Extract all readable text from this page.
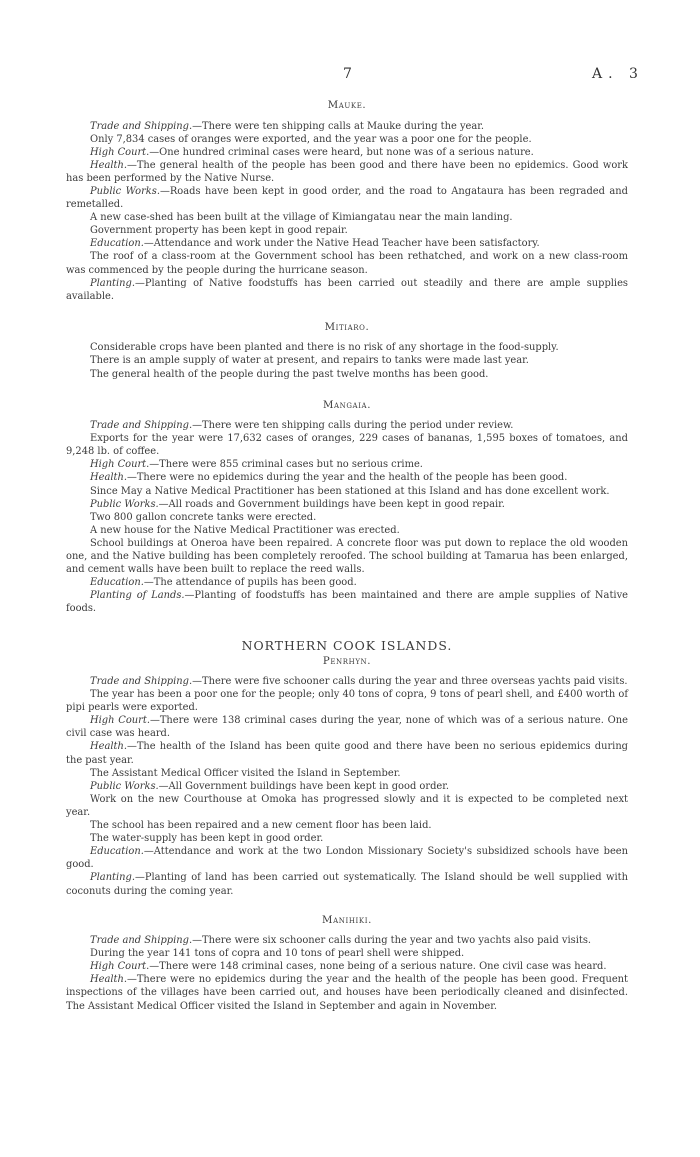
7	A. 3
Mauke.

Trade and Shipping.—There were ten shipping calls at Mauke during the year.

Only 7,834 cases of oranges were exported, and the year was a poor one for the people.

High Court.—One hundred criminal cases were heard, but none was of a serious nature.

Health.—The general health of the people has been good and there have been no epidemics. Good work has been performed by the Native Nurse.

Public Works.—Roads have been kept in good order, and the road to Angataura has been regraded and remetalled.

A new case-shed has been built at the village of Kimiangatau near the main landing.

Government property has been kept in good repair.

Education.—Attendance and work under the Native Head Teacher have been satisfactory.

The roof of a class-room at the Government school has been rethatched, and work on a new class-room was commenced by the people during the hurricane season.

Planting.—Planting of Native foodstuffs has been carried out steadily and there are ample supplies available.

Mitiaro.

Considerable crops have been planted and there is no risk of any shortage in the food-supply.

There is an ample supply of water at present, and repairs to tanks were made last year.

The general health of the people during the past twelve months has been good.

Mangaia.

Trade and Shipping.—There were ten shipping calls during the period under review.

Exports for the year were 17,632 cases of oranges, 229 cases of bananas, 1,595 boxes of tomatoes, and 9,248 lb. of coffee.

High Court.—There were 855 criminal cases but no serious crime.

Health.—There were no epidemics during the year and the health of the people has been good.

Since May a Native Medical Practitioner has been stationed at this Island and has done excellent work.

Public Works.—All roads and Government buildings have been kept in good repair.

Two 800 gallon concrete tanks were erected.

A new house for the Native Medical Practitioner was erected.

School buildings at Oneroa have been repaired. A concrete floor was put down to replace the old wooden one, and the Native building has been completely reroofed. The school building at Tamarua has been enlarged, and cement walls have been built to replace the reed walls.

Education.—The attendance of pupils has been good.

Planting of Lands.—Planting of foodstuffs has been maintained and there are ample supplies of Native foods.

NORTHERN COOK ISLANDS.
Penrhyn.

Trade and Shipping.—There were five schooner calls during the year and three overseas yachts paid visits.

The year has been a poor one for the people; only 40 tons of copra, 9 tons of pearl shell, and £400 worth of pipi pearls were exported.

High Court.—There were 138 criminal cases during the year, none of which was of a serious nature. One civil case was heard.

Health.—The health of the Island has been quite good and there have been no serious epidemics during the past year.

The Assistant Medical Officer visited the Island in September.

Public Works.—All Government buildings have been kept in good order.

Work on the new Courthouse at Omoka has progressed slowly and it is expected to be completed next year.

The school has been repaired and a new cement floor has been laid.

The water-supply has been kept in good order.

Education.—Attendance and work at the two London Missionary Society's subsidized schools have been good.

Planting.—Planting of land has been carried out systematically. The Island should be well supplied with coconuts during the coming year.

Manihiki.

Trade and Shipping.—There were six schooner calls during the year and two yachts also paid visits.

During the year 141 tons of copra and 10 tons of pearl shell were shipped.

High Court.—There were 148 criminal cases, none being of a serious nature. One civil case was heard.

Health.—There were no epidemics during the year and the health of the people has been good. Frequent inspections of the villages have been carried out, and houses have been periodically cleaned and disinfected. The Assistant Medical Officer visited the Island in September and again in November.
